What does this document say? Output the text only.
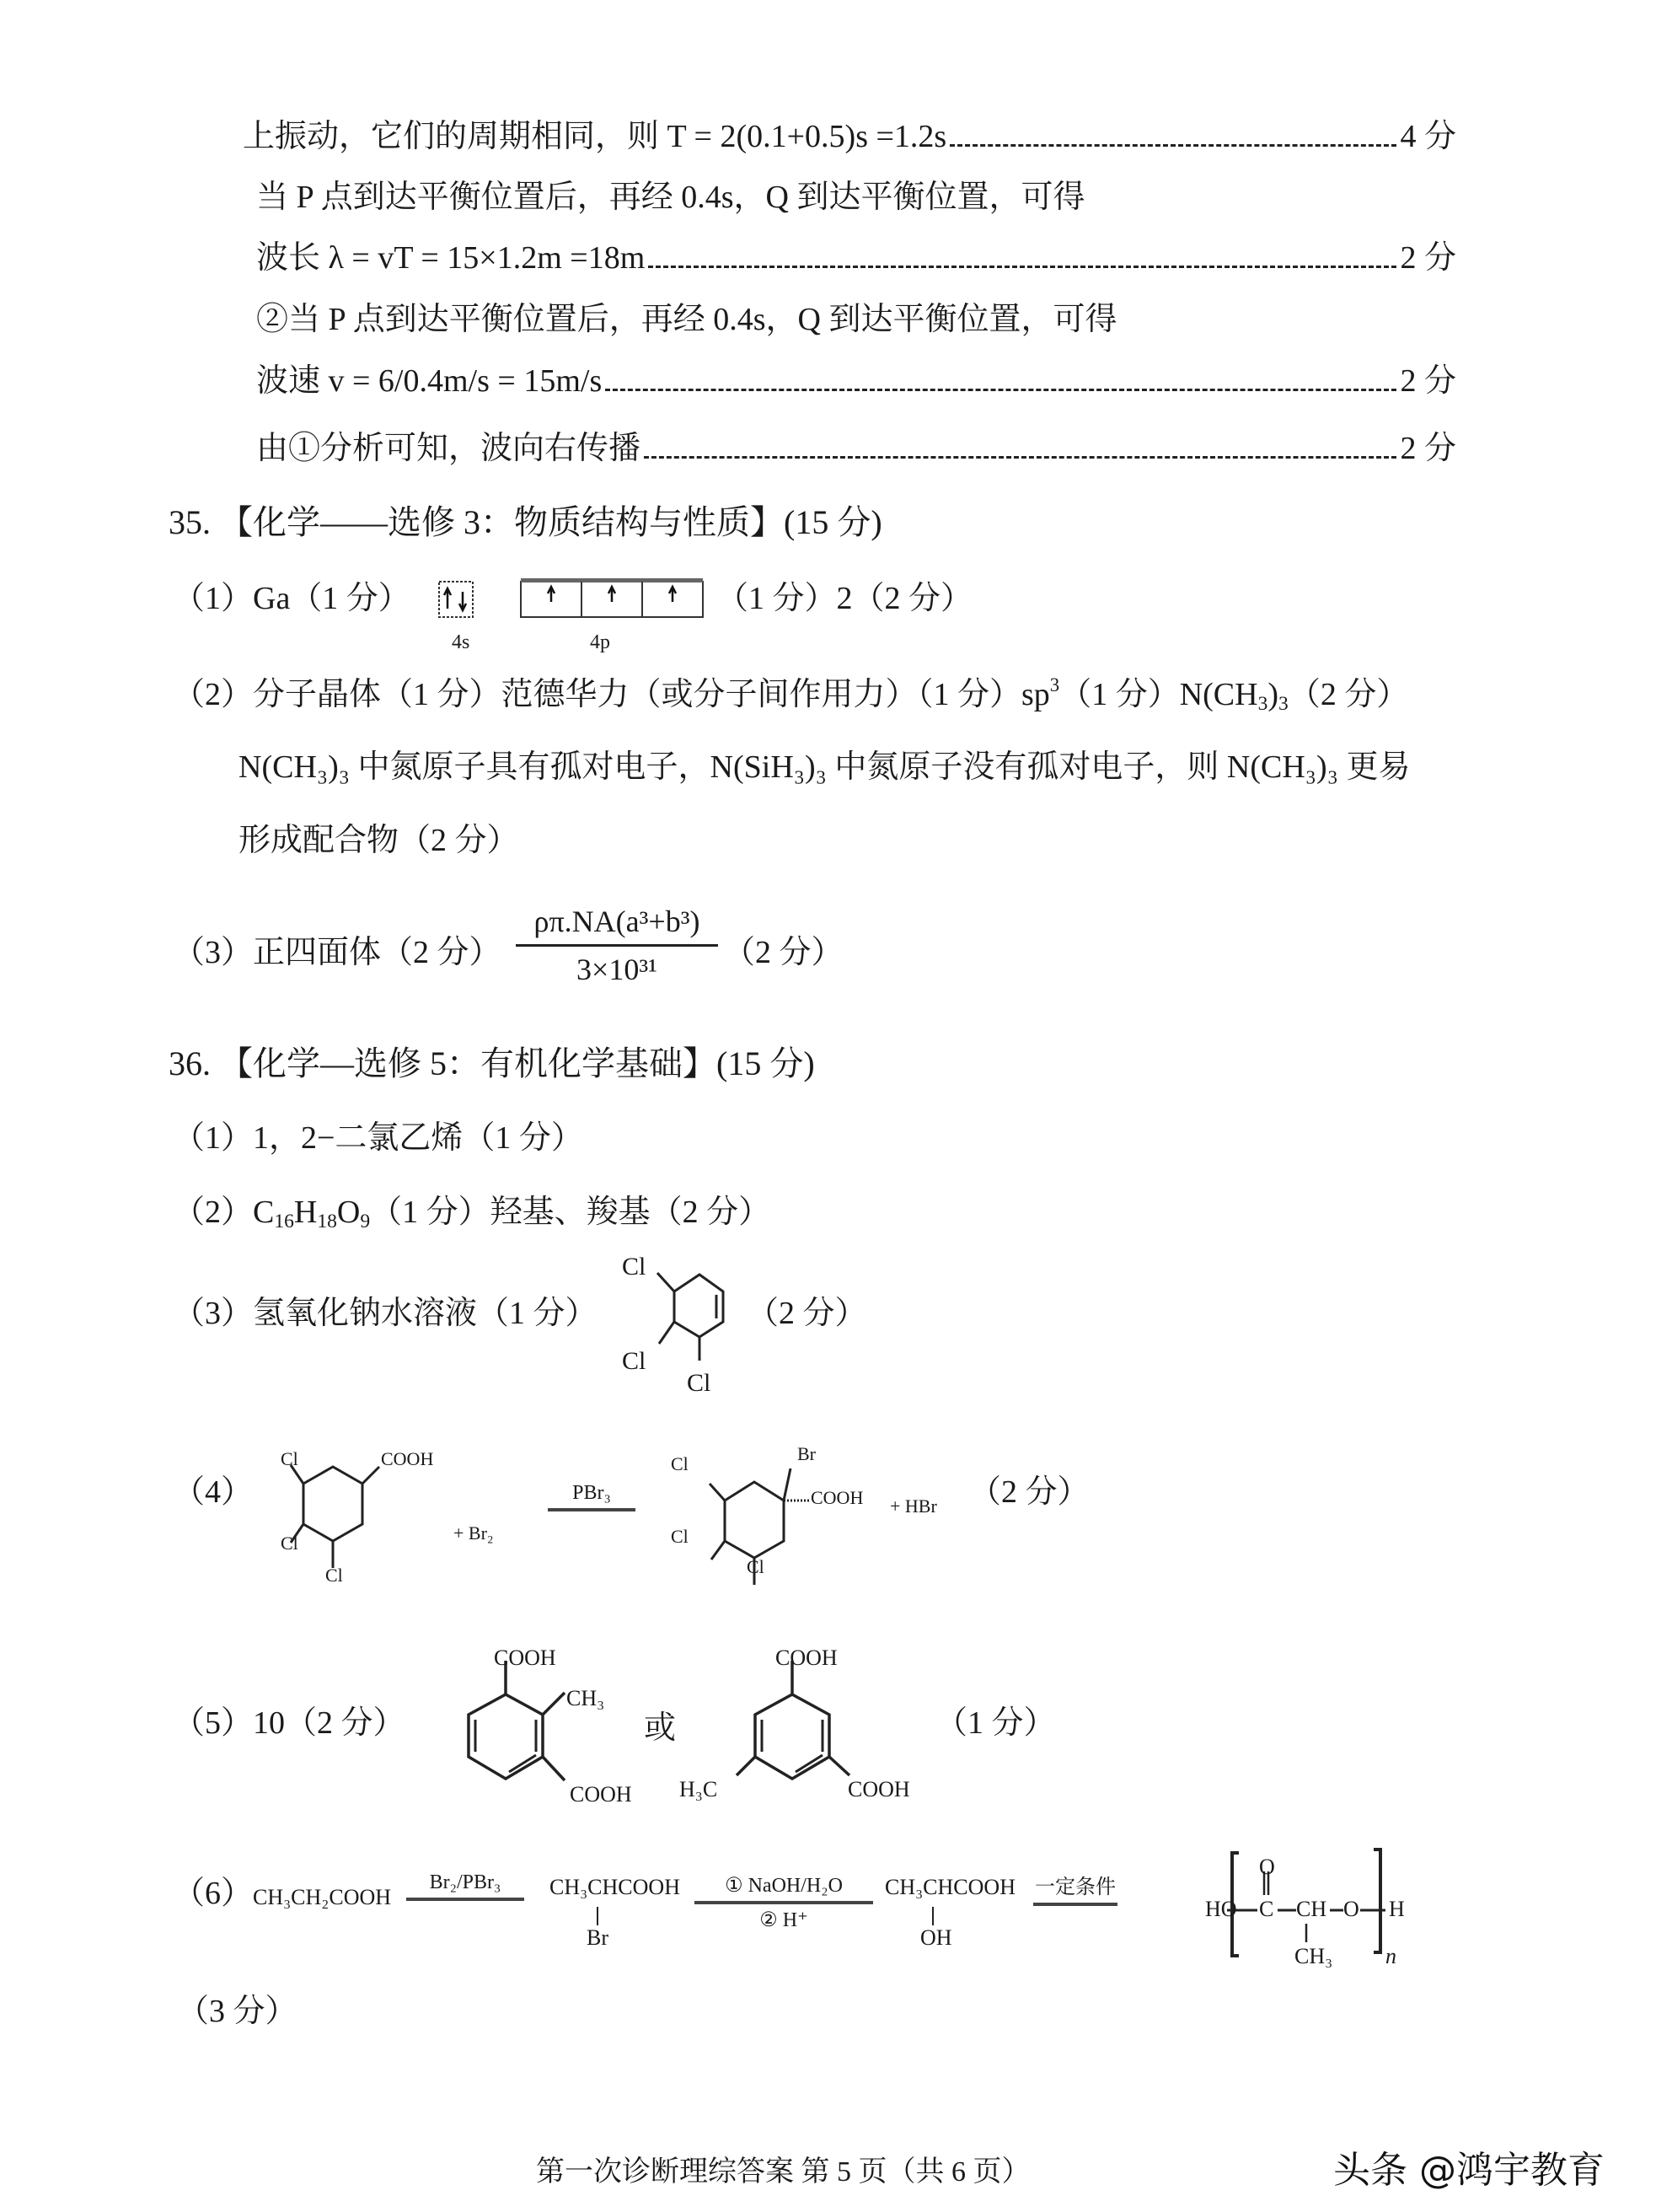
上振动，它们的周期相同，则 T = 2(0.1+0.5)s =1.2s	4 分
当 P 点到达平衡位置后，再经 0.4s，Q 到达平衡位置，可得
波长 λ = vT = 15×1.2m =18m	2 分
②当 P 点到达平衡位置后，再经 0.4s，Q 到达平衡位置，可得
波速 v = 6/0.4m/s = 15m/s	2 分
由①分析可知，波向右传播	2 分
35. 【化学——选修 3：物质结构与性质】(15 分)
（1）Ga（1 分）
4s	4p
（1 分）2（2 分）
（2）分子晶体（1 分）范德华力（或分子间作用力）（1 分）$sp^3(1$ 分）$N(CH_3)_3(2$ 分）
N(CH₃)₃ 中氮原子具有孤对电子，N(SiH₃)₃ 中氮原子没有孤对电子，则 N(CH₃)₃ 更易
形成配合物（2 分）
（3）正四面体（2 分） $\frac{\text{ρπ.NA(a³+b³)}}{\text{3×10³¹}} (2$ 分）
36. 【化学—选修 5：有机化学基础】(15 分)
（1）1，2−二氯乙烯（1 分）
$(2)C_{16}H_{18}O_9(1$ 分）羟基、羧基（2 分）
（3）氢氧化钠水溶液（1 分）
Cl
Cl
Cl
（2 分）
（4）
Cl	COOH
Cl
Cl
+ Br₂
PBr₃
Br
Cl
COOH
Cl
Cl
+ HBr （2 分）
（5）10（2 分）
COOH
CH₃
COOH
或
COOH
H₃C	COOH
（1 分）
（6） CH₃CH₂COOH
Br₂/PBr₃	CH₃CHCOOH
Br
① NaOH/H₂O
② H⁺
CH₃CHCOOH
OH
一定条件
HO
O
C CH O H
CH₃ n
（3 分）
第一次诊断理综答案 第 5 页（共 6 页）	头条 @鸿宇教育
